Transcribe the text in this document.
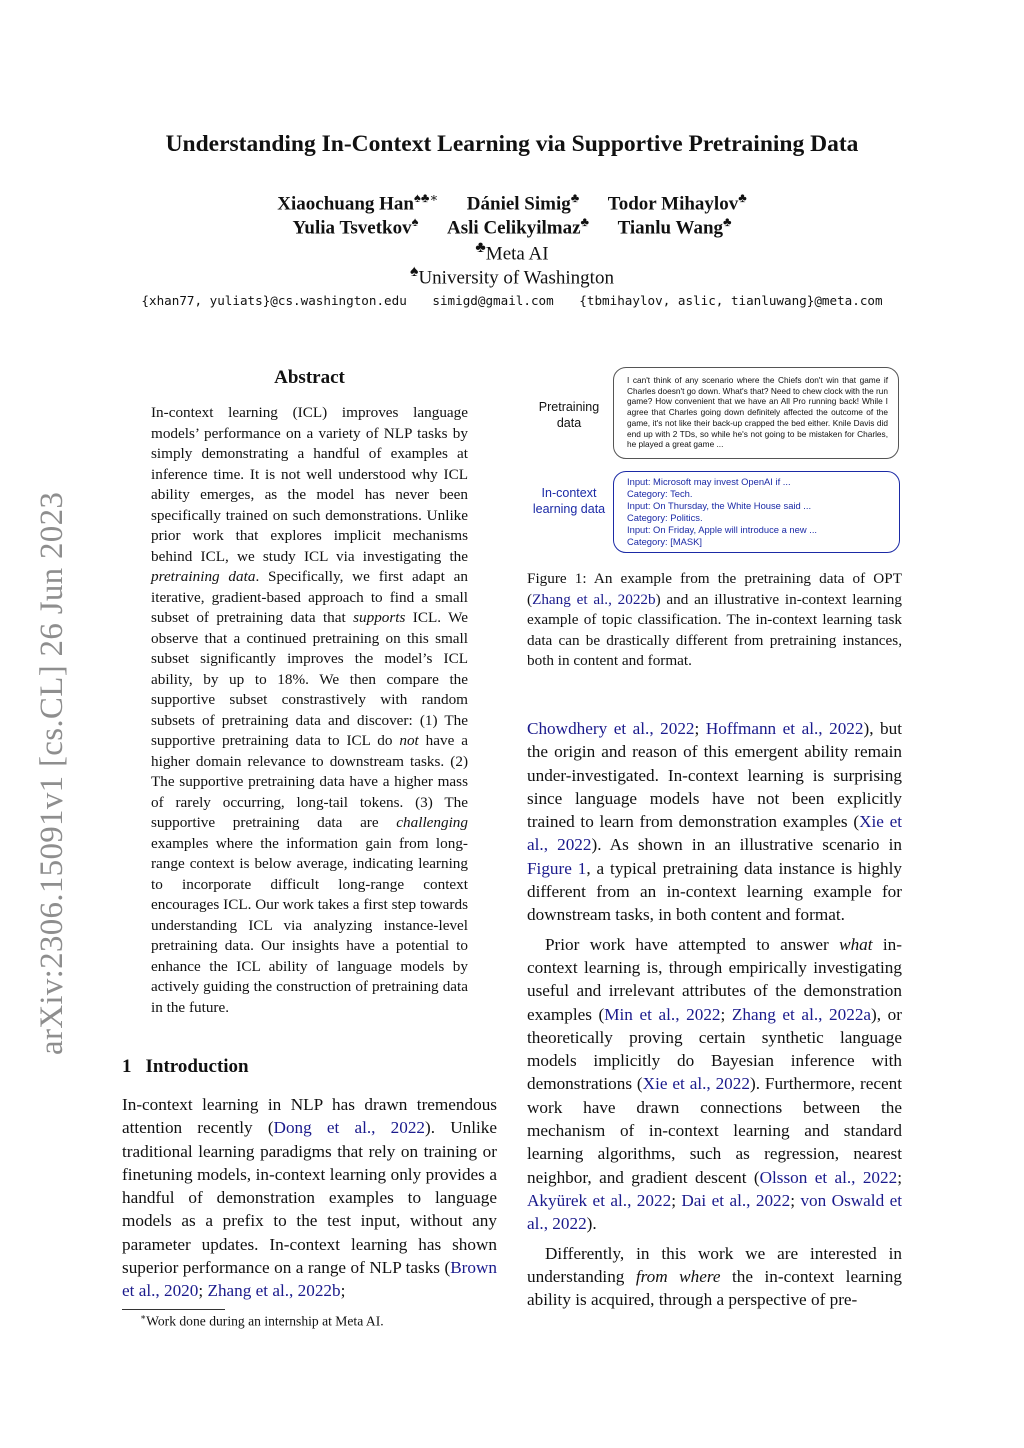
arXiv:2306.15091v1 [cs.CL] 26 Jun 2023
Understanding In-Context Learning via Supportive Pretraining Data
Xiaochuang Han♠♣∗ Dániel Simig♣ Todor Mihaylov♣
Yulia Tsvetkov♠ Asli Celikyilmaz♣ Tianlu Wang♣
♣Meta AI
♠University of Washington
{xhan77, yuliats}@cs.washington.edu simigd@gmail.com {tbmihaylov, aslic, tianluwang}@meta.com
Abstract
In-context learning (ICL) improves language models’ performance on a variety of NLP tasks by simply demonstrating a handful of examples at inference time. It is not well understood why ICL ability emerges, as the model has never been specifically trained on such demonstrations. Unlike prior work that explores implicit mechanisms behind ICL, we study ICL via investigating the pretraining data. Specifically, we first adapt an iterative, gradient-based approach to find a small subset of pretraining data that supports ICL. We observe that a continued pretraining on this small subset significantly improves the model’s ICL ability, by up to 18%. We then compare the supportive subset constrastively with random subsets of pretraining data and discover: (1) The supportive pretraining data to ICL do not have a higher domain relevance to downstream tasks. (2) The supportive pretraining data have a higher mass of rarely occurring, long-tail tokens. (3) The supportive pretraining data are challenging examples where the information gain from long-range context is below average, indicating learning to incorporate difficult long-range context encourages ICL. Our work takes a first step towards understanding ICL via analyzing instance-level pretraining data. Our insights have a potential to enhance the ICL ability of language models by actively guiding the construction of pretraining data in the future.
1 Introduction
In-context learning in NLP has drawn tremendous attention recently (Dong et al., 2022). Unlike traditional learning paradigms that rely on training or finetuning models, in-context learning only provides a handful of demonstration examples to language models as a prefix to the test input, without any parameter updates. In-context learning has shown superior performance on a range of NLP tasks (Brown et al., 2020; Zhang et al., 2022b;
∗Work done during an internship at Meta AI.
Pretraining data
In-context learning data
I can't think of any scenario where the Chiefs don't win that game if Charles doesn't go down. What's that? Need to chew clock with the run game? How convenient that we have an All Pro running back! While I agree that Charles going down definitely affected the outcome of the game, it's not like their back-up crapped the bed either. Knile Davis did end up with 2 TDs, so while he's not going to be mistaken for Charles, he played a great game ...
Input: Microsoft may invest OpenAI if ...
Category: Tech.
Input: On Thursday, the White House said ...
Category: Politics.
Input: On Friday, Apple will introduce a new ...
Category: [MASK]
Figure 1: An example from the pretraining data of OPT (Zhang et al., 2022b) and an illustrative in-context learning example of topic classification. The in-context learning task data can be drastically different from pretraining instances, both in content and format.

Chowdhery et al., 2022; Hoffmann et al., 2022), but the origin and reason of this emergent ability remain under-investigated. In-context learning is surprising since language models have not been explicitly trained to learn from demonstration examples (Xie et al., 2022). As shown in an illustrative scenario in Figure 1, a typical pretraining data instance is highly different from an in-context learning example for downstream tasks, in both content and format.

Prior work have attempted to answer what in-context learning is, through empirically investigating useful and irrelevant attributes of the demonstration examples (Min et al., 2022; Zhang et al., 2022a), or theoretically proving certain synthetic language models implicitly do Bayesian inference with demonstrations (Xie et al., 2022). Furthermore, recent work have drawn connections between the mechanism of in-context learning and standard learning algorithms, such as regression, nearest neighbor, and gradient descent (Olsson et al., 2022; Akyürek et al., 2022; Dai et al., 2022; von Oswald et al., 2022).

Differently, in this work we are interested in understanding from where the in-context learning ability is acquired, through a perspective of pre-
